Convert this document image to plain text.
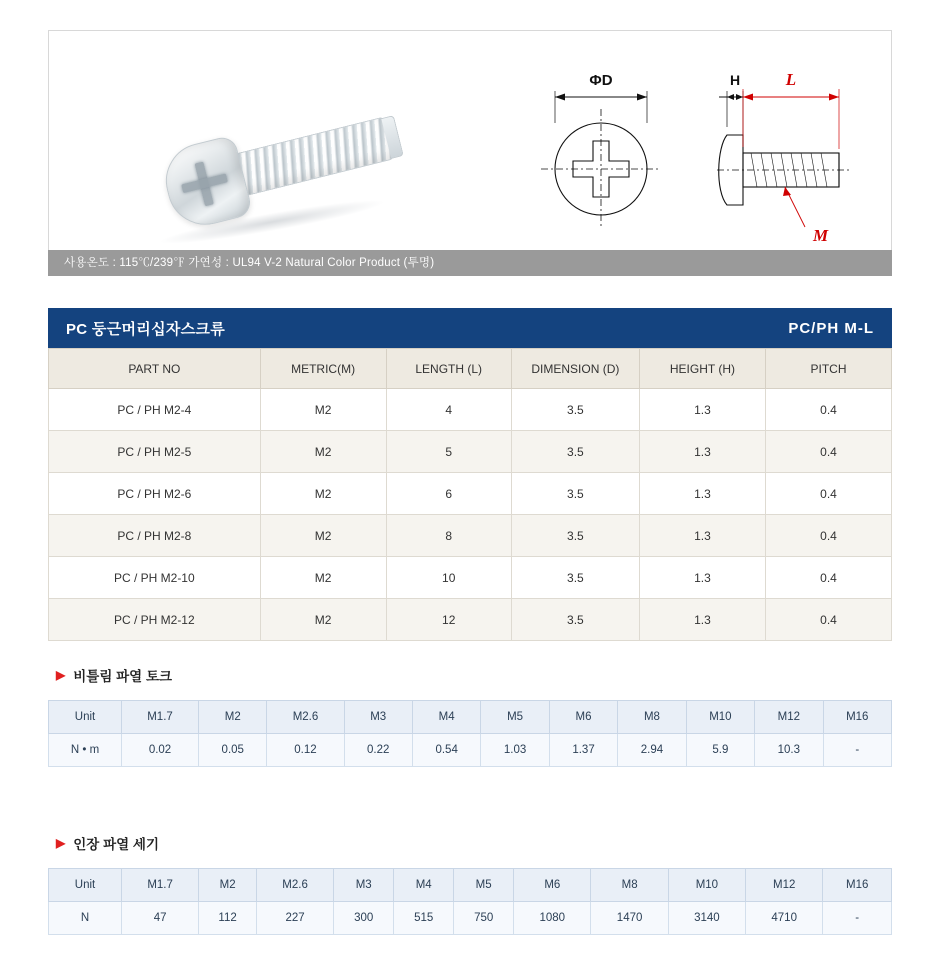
ΦD	H	L
M
사용온도 : 115℃/239℉ 가연성 : UL94 V-2 Natural Color Product (투명)
PC 둥근머리십자스크류	PC/PH M-L
PART NO	METRIC(M)	LENGTH (L)	DIMENSION (D)	HEIGHT (H)	PITCH
PC / PH M2-4	M2	4	3.5	1.3	0.4
PC / PH M2-5	M2	5	3.5	1.3	0.4
PC / PH M2-6	M2	6	3.5	1.3	0.4
PC / PH M2-8	M2	8	3.5	1.3	0.4
PC / PH M2-10	M2	10	3.5	1.3	0.4
PC / PH M2-12	M2	12	3.5	1.3	0.4
▶ 비틀림 파열 토크
Unit	M1.7	M2	M2.6	M3	M4	M5	M6	M8	M10	M12	M16
N • m	0.02	0.05	0.12	0.22	0.54	1.03	1.37	2.94	5.9	10.3	-
▶ 인장 파열 세기
Unit	M1.7	M2	M2.6	M3	M4	M5	M6	M8	M10	M12	M16
N	47	112	227	300	515	750	1080	1470	3140	4710	-
